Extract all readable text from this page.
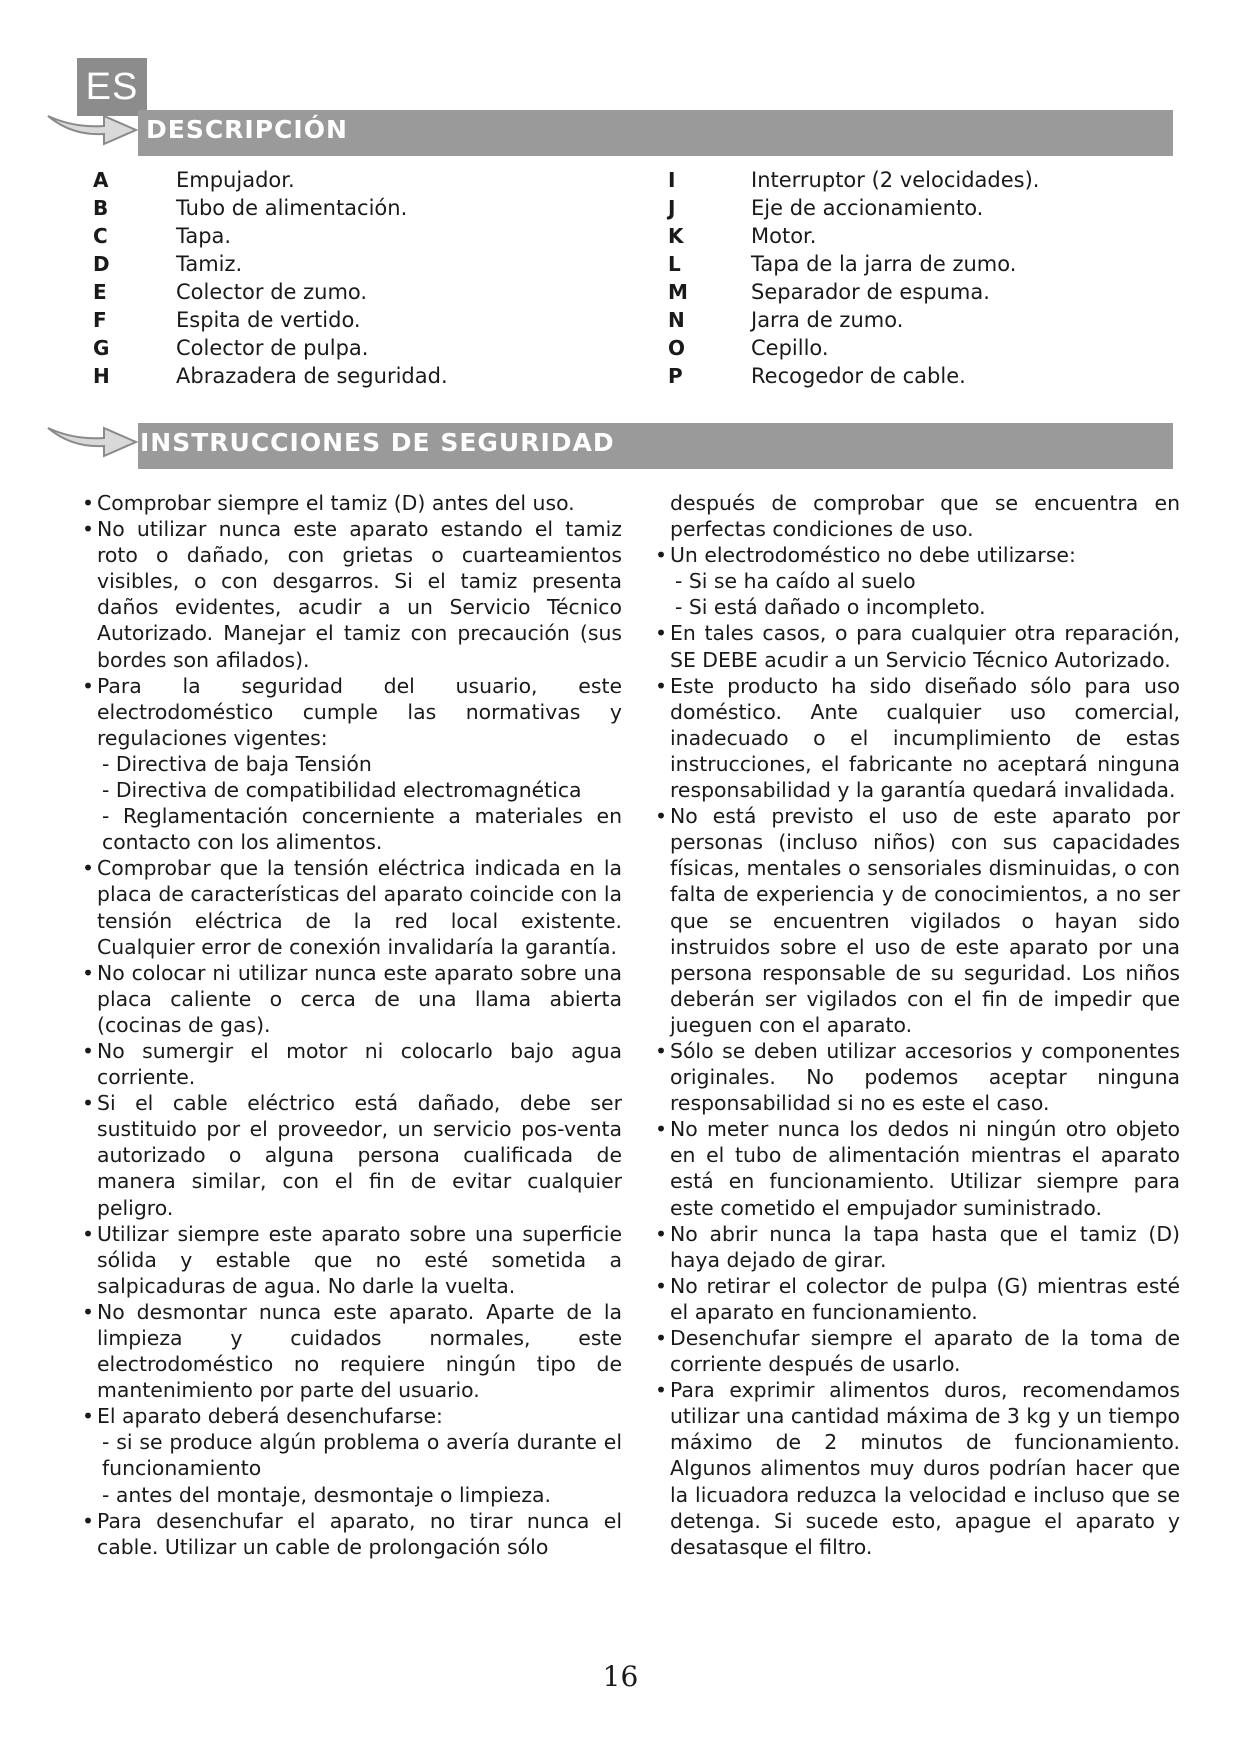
ES
DESCRIPCIÓN
A	Empujador.
B	Tubo de alimentación.
C	Tapa.
D	Tamiz.
E	Colector de zumo.
F	Espita de vertido.
G	Colector de pulpa.
H	Abrazadera de seguridad.
I	Interruptor (2 velocidades).
J	Eje de accionamiento.
K	Motor.
L	Tapa de la jarra de zumo.
M	Separador de espuma.
N	Jarra de zumo.
O	Cepillo.
P	Recogedor de cable.
INSTRUCCIONES DE SEGURIDAD
• Comprobar siempre el tamiz (D) antes del uso.
• No utilizar nunca este aparato estando el tamiz roto o dañado, con grietas o cuarteamientos visibles, o con desgarros. Si el tamiz presenta daños evidentes, acudir a un Servicio Técnico Autorizado. Manejar el tamiz con precaución (sus bordes son afilados).
• Para la seguridad del usuario, este electrodoméstico cumple las normativas y regulaciones vigentes:
- Directiva de baja Tensión
- Directiva de compatibilidad electromagnética
- Reglamentación concerniente a materiales en contacto con los alimentos.
• Comprobar que la tensión eléctrica indicada en la placa de características del aparato coincide con la tensión eléctrica de la red local existente. Cualquier error de conexión invalidaría la garantía.
• No colocar ni utilizar nunca este aparato sobre una placa caliente o cerca de una llama abierta (cocinas de gas).
• No sumergir el motor ni colocarlo bajo agua corriente.
• Si el cable eléctrico está dañado, debe ser sustituido por el proveedor, un servicio pos-venta autorizado o alguna persona cualificada de manera similar, con el fin de evitar cualquier peligro.
• Utilizar siempre este aparato sobre una superficie sólida y estable que no esté sometida a salpicaduras de agua. No darle la vuelta.
• No desmontar nunca este aparato. Aparte de la limpieza y cuidados normales, este electrodoméstico no requiere ningún tipo de mantenimiento por parte del usuario.
• El aparato deberá desenchufarse:
- si se produce algún problema o avería durante el funcionamiento
- antes del montaje, desmontaje o limpieza.
• Para desenchufar el aparato, no tirar nunca el cable. Utilizar un cable de prolongación sólo
después de comprobar que se encuentra en perfectas condiciones de uso.
• Un electrodoméstico no debe utilizarse:
- Si se ha caído al suelo
- Si está dañado o incompleto.
• En tales casos, o para cualquier otra reparación, SE DEBE acudir a un Servicio Técnico Autorizado.
• Este producto ha sido diseñado sólo para uso doméstico. Ante cualquier uso comercial, inadecuado o el incumplimiento de estas instrucciones, el fabricante no aceptará ninguna responsabilidad y la garantía quedará invalidada.
• No está previsto el uso de este aparato por personas (incluso niños) con sus capacidades físicas, mentales o sensoriales disminuidas, o con falta de experiencia y de conocimientos, a no ser que se encuentren vigilados o hayan sido instruidos sobre el uso de este aparato por una persona responsable de su seguridad. Los niños deberán ser vigilados con el fin de impedir que jueguen con el aparato.
• Sólo se deben utilizar accesorios y componentes originales. No podemos aceptar ninguna responsabilidad si no es este el caso.
• No meter nunca los dedos ni ningún otro objeto en el tubo de alimentación mientras el aparato está en funcionamiento. Utilizar siempre para este cometido el empujador suministrado.
• No abrir nunca la tapa hasta que el tamiz (D) haya dejado de girar.
• No retirar el colector de pulpa (G) mientras esté el aparato en funcionamiento.
• Desenchufar siempre el aparato de la toma de corriente después de usarlo.
• Para exprimir alimentos duros, recomendamos utilizar una cantidad máxima de 3 kg y un tiempo máximo de 2 minutos de funcionamiento. Algunos alimentos muy duros podrían hacer que la licuadora reduzca la velocidad e incluso que se detenga. Si sucede esto, apague el aparato y desatasque el filtro.
16
